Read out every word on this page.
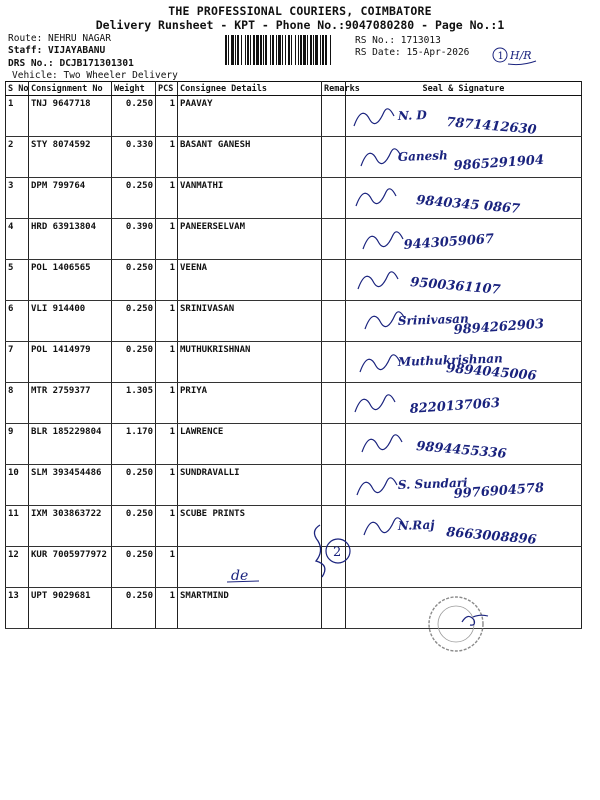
THE PROFESSIONAL COURIERS, COIMBATORE
Delivery Runsheet - KPT - Phone No.:9047080280 - Page No.:1
Route: NEHRU NAGAR
Staff: VIJAYABANU
DRS No.: DCJB171301301
Vehicle: Two Wheeler Delivery
RS No.: 1713013
RS Date: 15-Apr-2026	1 H/R
S No	Consignment No	Weight	PCS	Consignee Details	Remarks	Seal & Signature
1	TNJ 9647718	0.250	1	PAAVAY		N. D 7871412630

2	STY 8074592	0.330	1	BASANT GANESH		Ganesh 9865291904

3	DPM 799764	0.250	1	VANMATHI		9840345 0867

4	HRD 63913804	0.390	1	PANEERSELVAM		9443059067

5	POL 1406565	0.250	1	VEENA		9500361107

6	VLI 914400	0.250	1	SRINIVASAN		Srinivasan
9894262903

7	POL 1414979	0.250	1	MUTHUKRISHNAN		Muthukrishnan
9894045006

8	MTR 2759377	1.305	1	PRIYA		8220137063

9	BLR 185229804	1.170	1	LAWRENCE		9894455336

10	SLM 393454486	0.250	1	SUNDRAVALLI		S. Sundari
9976904578

11	IXM 303863722	0.250	1	SCUBE PRINTS		N.Raj 8663008896

12	KUR 7005977972	0.250	1			
13	UPT 9029681	0.250	1	SMARTMIND		
2
de
